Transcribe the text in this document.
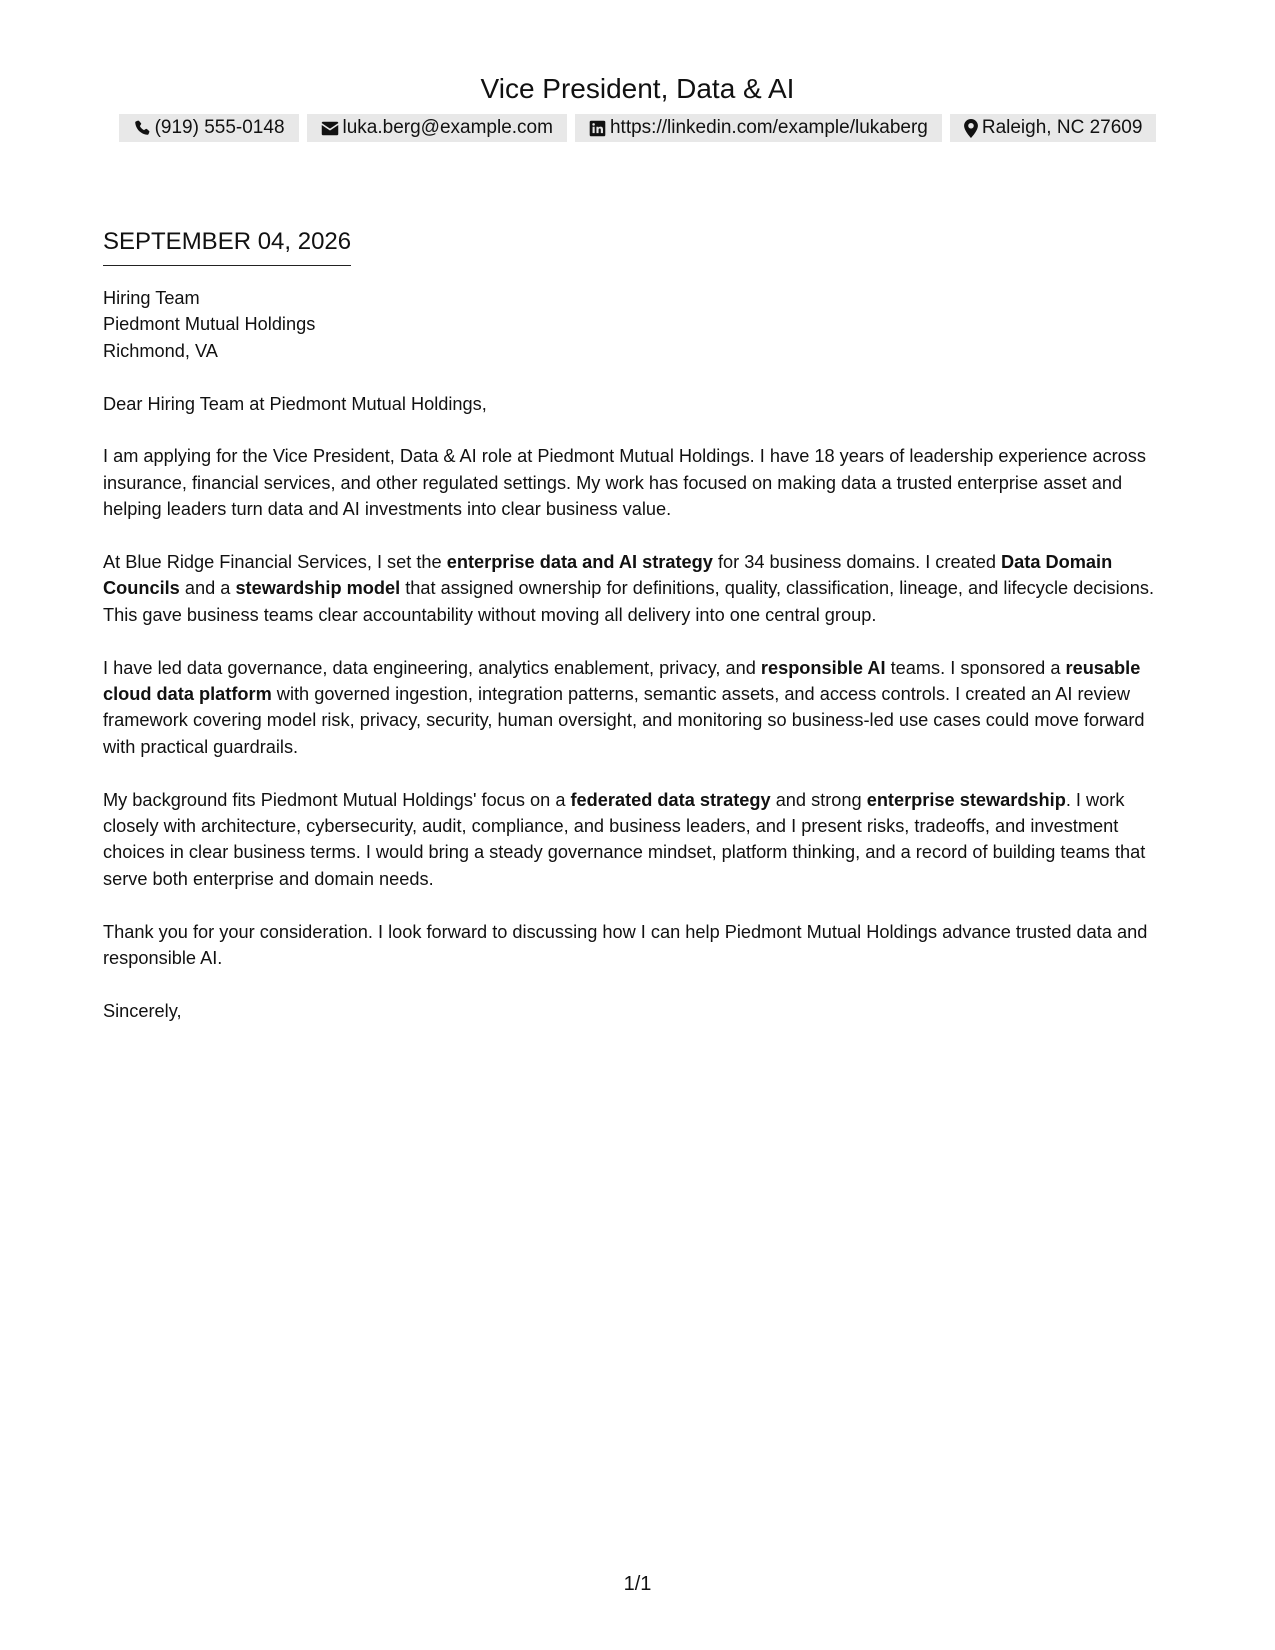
Vice President, Data & AI
(919) 555-0148	luka.berg@example.com	https://linkedin.com/example/lukaberg	Raleigh, NC 27609
SEPTEMBER 04, 2026
Hiring Team
Piedmont Mutual Holdings
Richmond, VA

Dear Hiring Team at Piedmont Mutual Holdings,

I am applying for the Vice President, Data & AI role at Piedmont Mutual Holdings. I have 18 years of leadership experience across insurance, financial services, and other regulated settings. My work has focused on making data a trusted enterprise asset and helping leaders turn data and AI investments into clear business value.

At Blue Ridge Financial Services, I set the enterprise data and AI strategy for 34 business domains. I created Data Domain Councils and a stewardship model that assigned ownership for definitions, quality, classification, lineage, and lifecycle decisions. This gave business teams clear accountability without moving all delivery into one central group.

I have led data governance, data engineering, analytics enablement, privacy, and responsible AI teams. I sponsored a reusable cloud data platform with governed ingestion, integration patterns, semantic assets, and access controls. I created an AI review framework covering model risk, privacy, security, human oversight, and monitoring so business-led use cases could move forward with practical guardrails.

My background fits Piedmont Mutual Holdings' focus on a federated data strategy and strong enterprise stewardship. I work closely with architecture, cybersecurity, audit, compliance, and business leaders, and I present risks, tradeoffs, and investment choices in clear business terms. I would bring a steady governance mindset, platform thinking, and a record of building teams that serve both enterprise and domain needs.

Thank you for your consideration. I look forward to discussing how I can help Piedmont Mutual Holdings advance trusted data and responsible AI.

Sincerely,

1/1
